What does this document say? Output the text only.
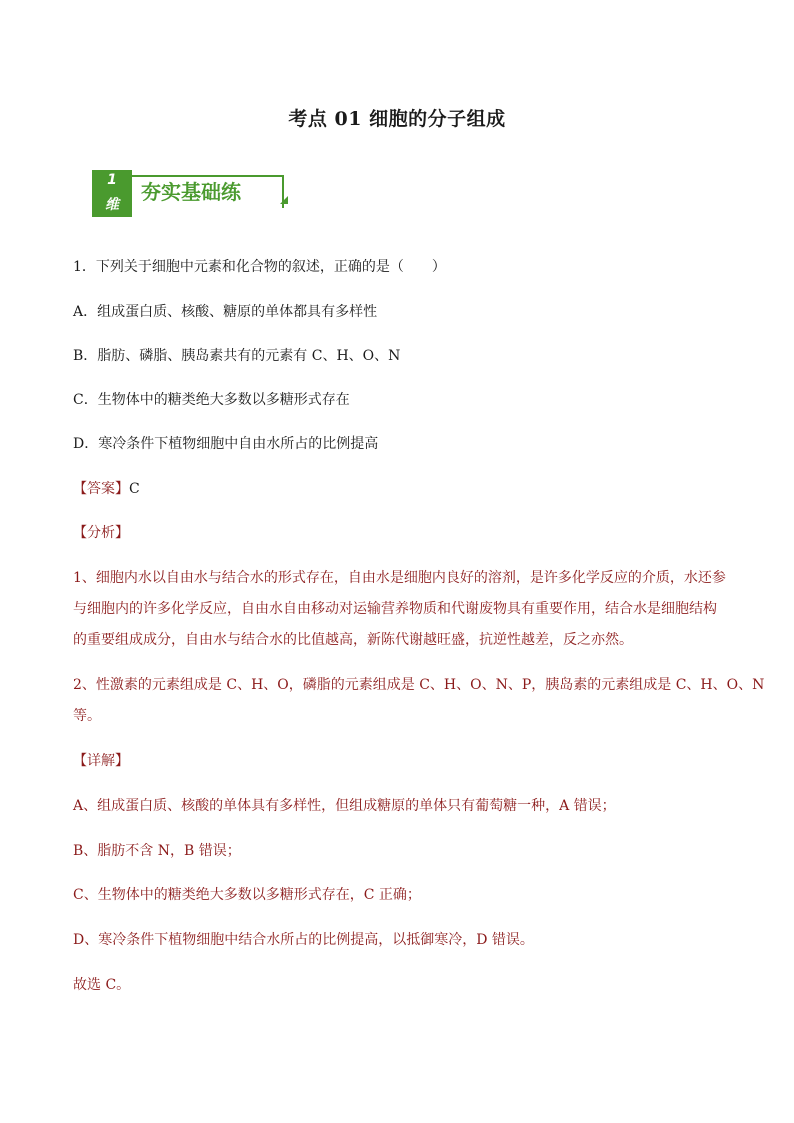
考点 01 细胞的分子组成
1
维
夯实基础练
1．下列关于细胞中元素和化合物的叙述，正确的是（　　）
A．组成蛋白质、核酸、糖原的单体都具有多样性
B．脂肪、磷脂、胰岛素共有的元素有 C、H、O、N
C．生物体中的糖类绝大多数以多糖形式存在
D．寒冷条件下植物细胞中自由水所占的比例提高
【答案】C
【分析】
1、细胞内水以自由水与结合水的形式存在，自由水是细胞内良好的溶剂，是许多化学反应的介质，水还参
与细胞内的许多化学反应，自由水自由移动对运输营养物质和代谢废物具有重要作用，结合水是细胞结构
的重要组成成分，自由水与结合水的比值越高，新陈代谢越旺盛，抗逆性越差，反之亦然。
2、性激素的元素组成是 C、H、O，磷脂的元素组成是 C、H、O、N、P，胰岛素的元素组成是 C、H、O、N
等。
【详解】
A、组成蛋白质、核酸的单体具有多样性，但组成糖原的单体只有葡萄糖一种，A 错误；
B、脂肪不含 N，B 错误；
C、生物体中的糖类绝大多数以多糖形式存在，C 正确；
D、寒冷条件下植物细胞中结合水所占的比例提高，以抵御寒冷，D 错误。
故选 C。
